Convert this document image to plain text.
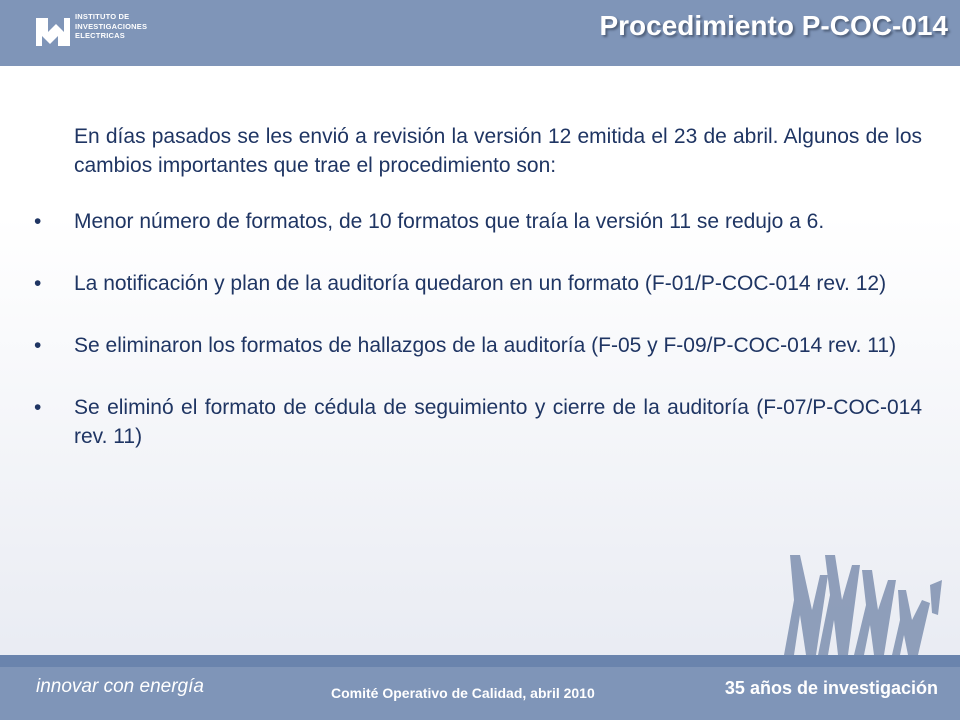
INSTITUTO DE
INVESTIGACIONES
ELECTRICAS	Procedimiento P-COC-014

En días pasados se les envió a revisión la versión 12 emitida el 23 de abril. Algunos de los cambios importantes que trae el procedimiento son:

• Menor número de formatos, de 10 formatos que traía la versión 11 se redujo a 6.
• La notificación y plan de la auditoría quedaron en un formato (F-01/P-COC-014 rev. 12)
• Se eliminaron los formatos de hallazgos de la auditoría (F-05 y F-09/P-COC-014 rev. 11)
• Se eliminó el formato de cédula de seguimiento y cierre de la auditoría (F-07/P-COC-014 rev. 11)
innovar con energía	Comité Operativo de Calidad, abril 2010	35 años de investigación
